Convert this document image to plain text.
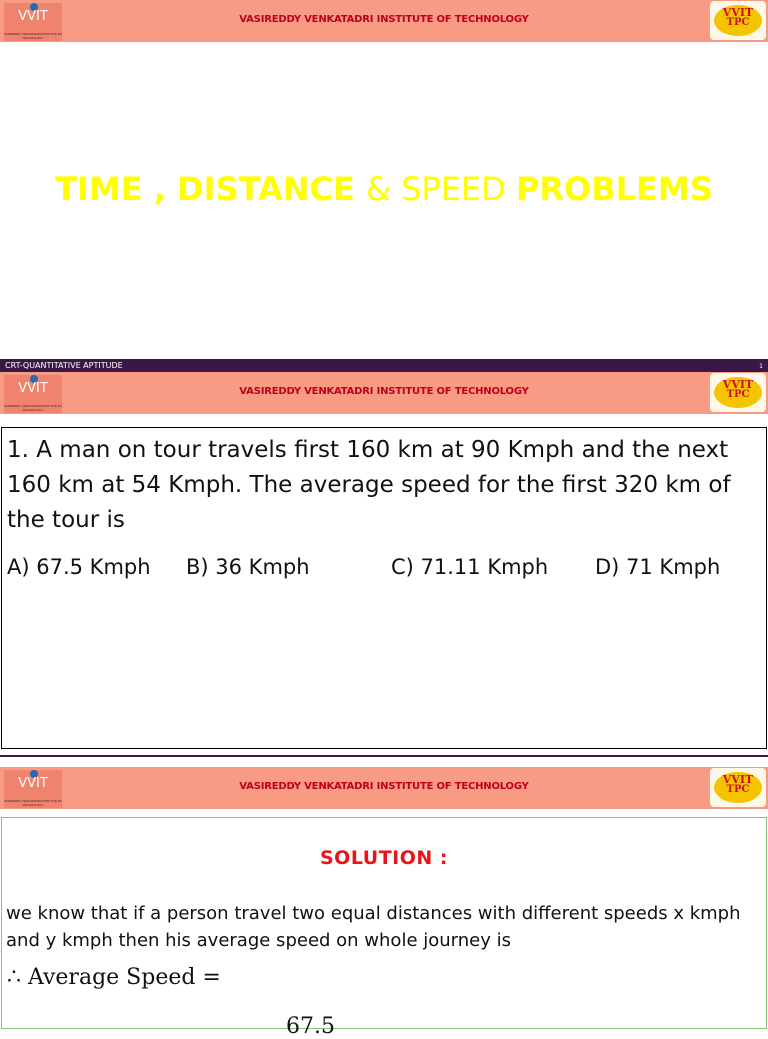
VVIT
VASIREDDY VENKATADRI INSTITUTE OF TECHNOLOGY
VASIREDDY VENKATADRI INSTITUTE OF TECHNOLOGY
VVIT
TPC
TIME , DISTANCE & SPEED PROBLEMS
CRT-QUANTITATIVE APTITUDE	1
VVIT
VASIREDDY VENKATADRI INSTITUTE OF TECHNOLOGY
VASIREDDY VENKATADRI INSTITUTE OF TECHNOLOGY
VVIT
TPC
1. A man on tour travels first 160 km at 90 Kmph and the next 160 km at 54 Kmph. The average speed for the first 320 km of the tour is
A) 67.5 Kmph B) 36 Kmph	C) 71.11 Kmph D) 71 Kmph
VVIT
VASIREDDY VENKATADRI INSTITUTE OF TECHNOLOGY
VASIREDDY VENKATADRI INSTITUTE OF TECHNOLOGY
VVIT
TPC
SOLUTION :
we know that if a person travel two equal distances with different speeds x kmph and y kmph then his average speed on whole journey is
∴ Average Speed =
67.5
